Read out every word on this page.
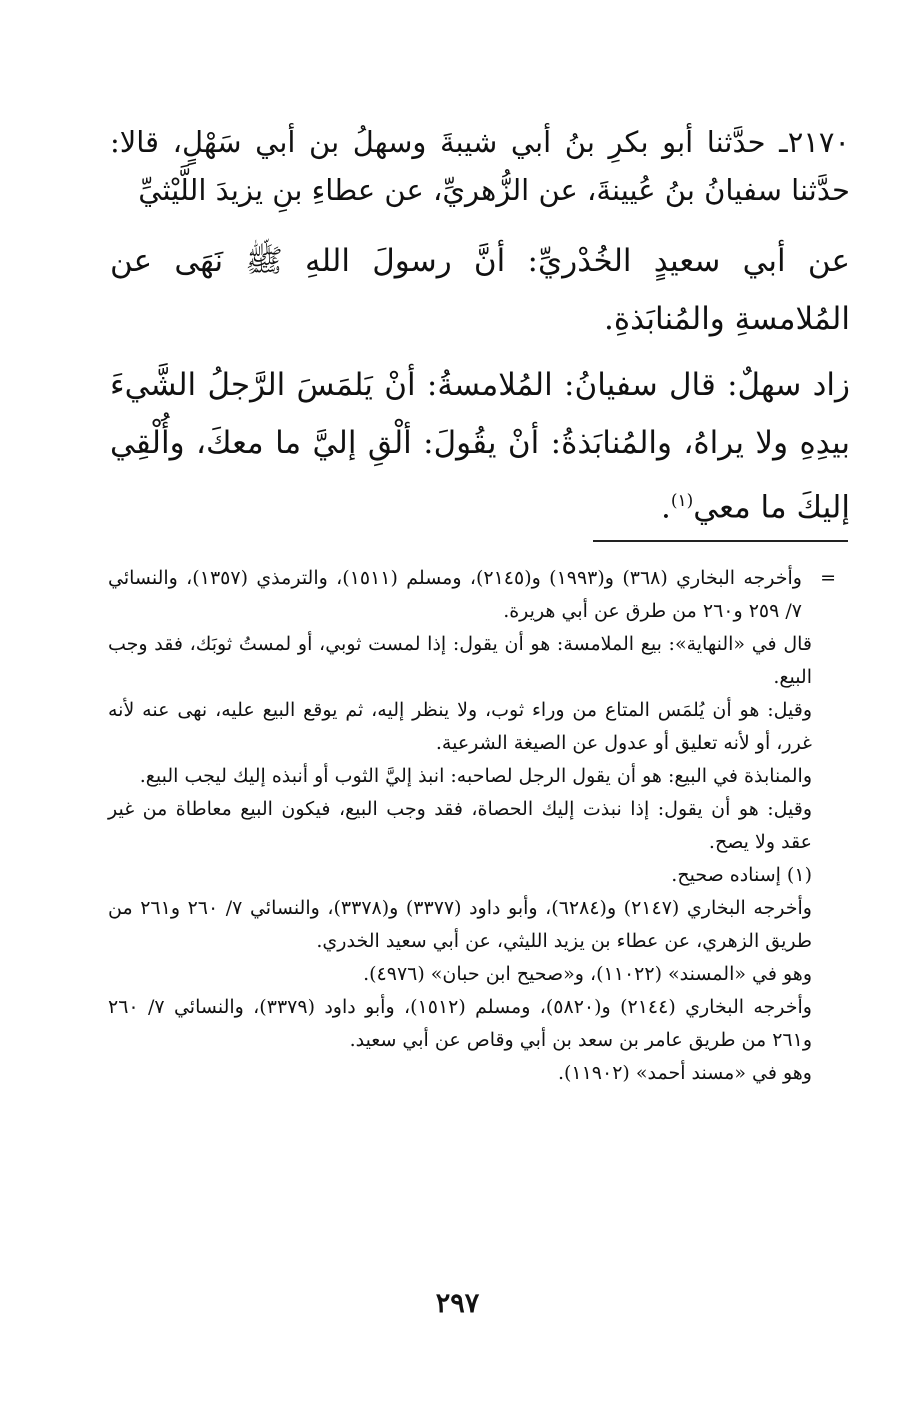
٢١٧٠ـ حدَّثنا أبو بكرِ بنُ أبي شيبةَ وسهلُ بن أبي سَهْلٍ، قالا: حدَّثنا سفيانُ بنُ عُيينةَ، عن الزُّهريِّ، عن عطاءِ بنِ يزيدَ اللَّيْثيِّ

عن أبي سعيدٍ الخُدْريِّ: أنَّ رسولَ اللهِ ﷺ نَهَى عن المُلامسةِ والمُنابَذةِ.

زاد سهلٌ: قال سفيانُ: المُلامسةُ: أنْ يَلمَسَ الرَّجلُ الشَّيءَ بيدِهِ ولا يراهُ، والمُنابَذةُ: أنْ يقُولَ: ألْقِ إليَّ ما معكَ، وأُلْقِي إليكَ ما معي$^{(١)}$.

=
وأخرجه البخاري (٣٦٨) و(١٩٩٣) و(٢١٤٥)، ومسلم (١٥١١)، والترمذي (١٣٥٧)، والنسائي ٧/ ٢٥٩ و٢٦٠ من طرق عن أبي هريرة.

قال في «النهاية»: بيع الملامسة: هو أن يقول: إذا لمست ثوبي، أو لمستُ ثوبَك، فقد وجب البيع.

وقيل: هو أن يُلمَس المتاع من وراء ثوب، ولا ينظر إليه، ثم يوقع البيع عليه، نهى عنه لأنه غرر، أو لأنه تعليق أو عدول عن الصيغة الشرعية.

والمنابذة في البيع: هو أن يقول الرجل لصاحبه: انبذ إليَّ الثوب أو أنبذه إليك ليجب البيع.

وقيل: هو أن يقول: إذا نبذت إليك الحصاة، فقد وجب البيع، فيكون البيع معاطاة من غير عقد ولا يصح.

(١) إسناده صحيح.

وأخرجه البخاري (٢١٤٧) و(٦٢٨٤)، وأبو داود (٣٣٧٧) و(٣٣٧٨)، والنسائي ٧/ ٢٦٠ و٢٦١ من طريق الزهري، عن عطاء بن يزيد الليثي، عن أبي سعيد الخدري.

وهو في «المسند» (١١٠٢٢)، و«صحيح ابن حبان» (٤٩٧٦).

وأخرجه البخاري (٢١٤٤) و(٥٨٢٠)، ومسلم (١٥١٢)، وأبو داود (٣٣٧٩)، والنسائي ٧/ ٢٦٠ و٢٦١ من طريق عامر بن سعد بن أبي وقاص عن أبي سعيد.

وهو في «مسند أحمد» (١١٩٠٢).

٢٩٧
